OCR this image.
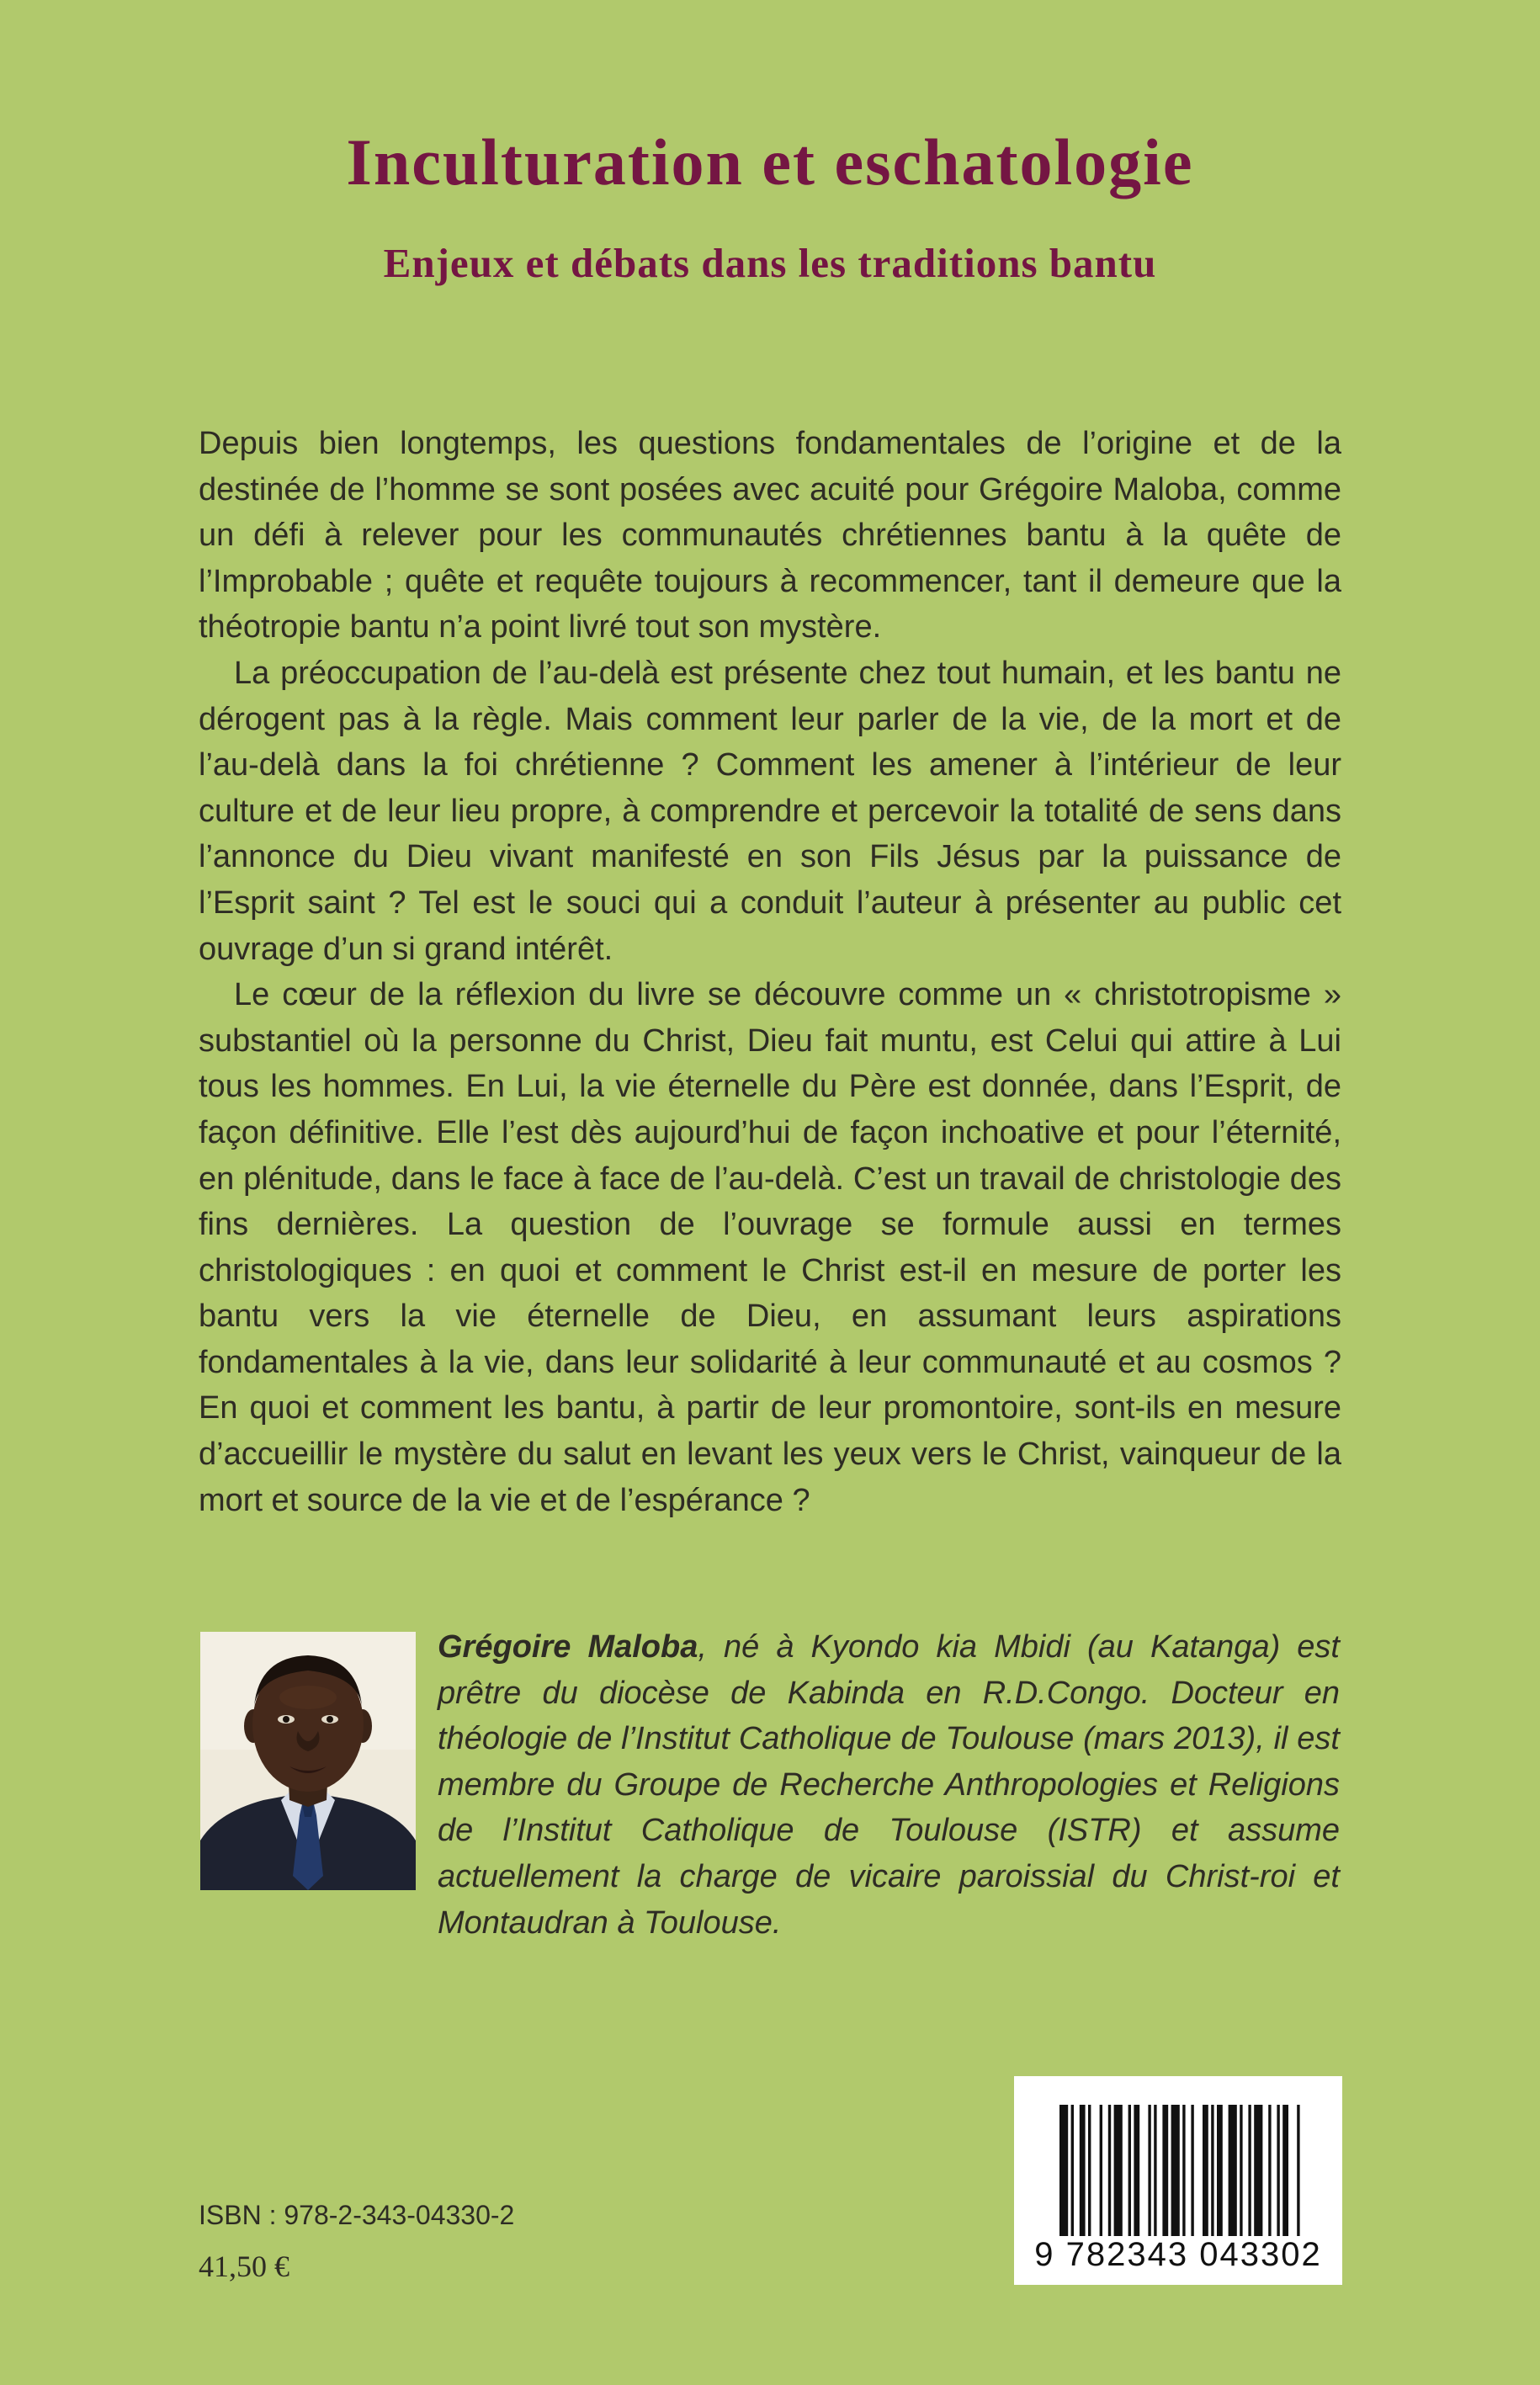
Inculturation et eschatologie
Enjeux et débats dans les traditions bantu

Depuis bien longtemps, les questions fondamentales de l’origine et de la destinée de l’homme se sont posées avec acuité pour Grégoire Maloba, comme un défi à relever pour les communautés chrétiennes bantu à la quête de l’Improbable ; quête et requête toujours à recommencer, tant il demeure que la théotropie bantu n’a point livré tout son mystère.

La préoccupation de l’au-delà est présente chez tout humain, et les bantu ne dérogent pas à la règle. Mais comment leur parler de la vie, de la mort et de l’au-delà dans la foi chrétienne ? Comment les amener à l’intérieur de leur culture et de leur lieu propre, à comprendre et percevoir la totalité de sens dans l’annonce du Dieu vivant manifesté en son Fils Jésus par la puissance de l’Esprit saint ? Tel est le souci qui a conduit l’auteur à présenter au public cet ouvrage d’un si grand intérêt.

Le cœur de la réflexion du livre se découvre comme un « christotropisme » substantiel où la personne du Christ, Dieu fait muntu, est Celui qui attire à Lui tous les hommes. En Lui, la vie éternelle du Père est donnée, dans l’Esprit, de façon définitive. Elle l’est dès aujourd’hui de façon inchoative et pour l’éternité, en plénitude, dans le face à face de l’au-delà. C’est un travail de christologie des fins dernières. La question de l’ouvrage se formule aussi en termes christologiques : en quoi et comment le Christ est-il en mesure de porter les bantu vers la vie éternelle de Dieu, en assumant leurs aspirations fondamentales à la vie, dans leur solidarité à leur communauté et au cosmos ? En quoi et comment les bantu, à partir de leur promontoire, sont-ils en mesure d’accueillir le mystère du salut en levant les yeux vers le Christ, vainqueur de la mort et source de la vie et de l’espérance ?

Grégoire Maloba, né à Kyondo kia Mbidi (au Katanga) est prêtre du diocèse de Kabinda en R.D.Congo. Docteur en théologie de l’Institut Catholique de Toulouse (mars 2013), il est membre du Groupe de Recherche Anthropologies et Religions de l’Institut Catholique de Toulouse (ISTR) et assume actuellement la charge de vicaire paroissial du Christ-roi et Montaudran à Toulouse.
ISBN : 978-2-343-04330-2
41,50 €	9 782343 043302
